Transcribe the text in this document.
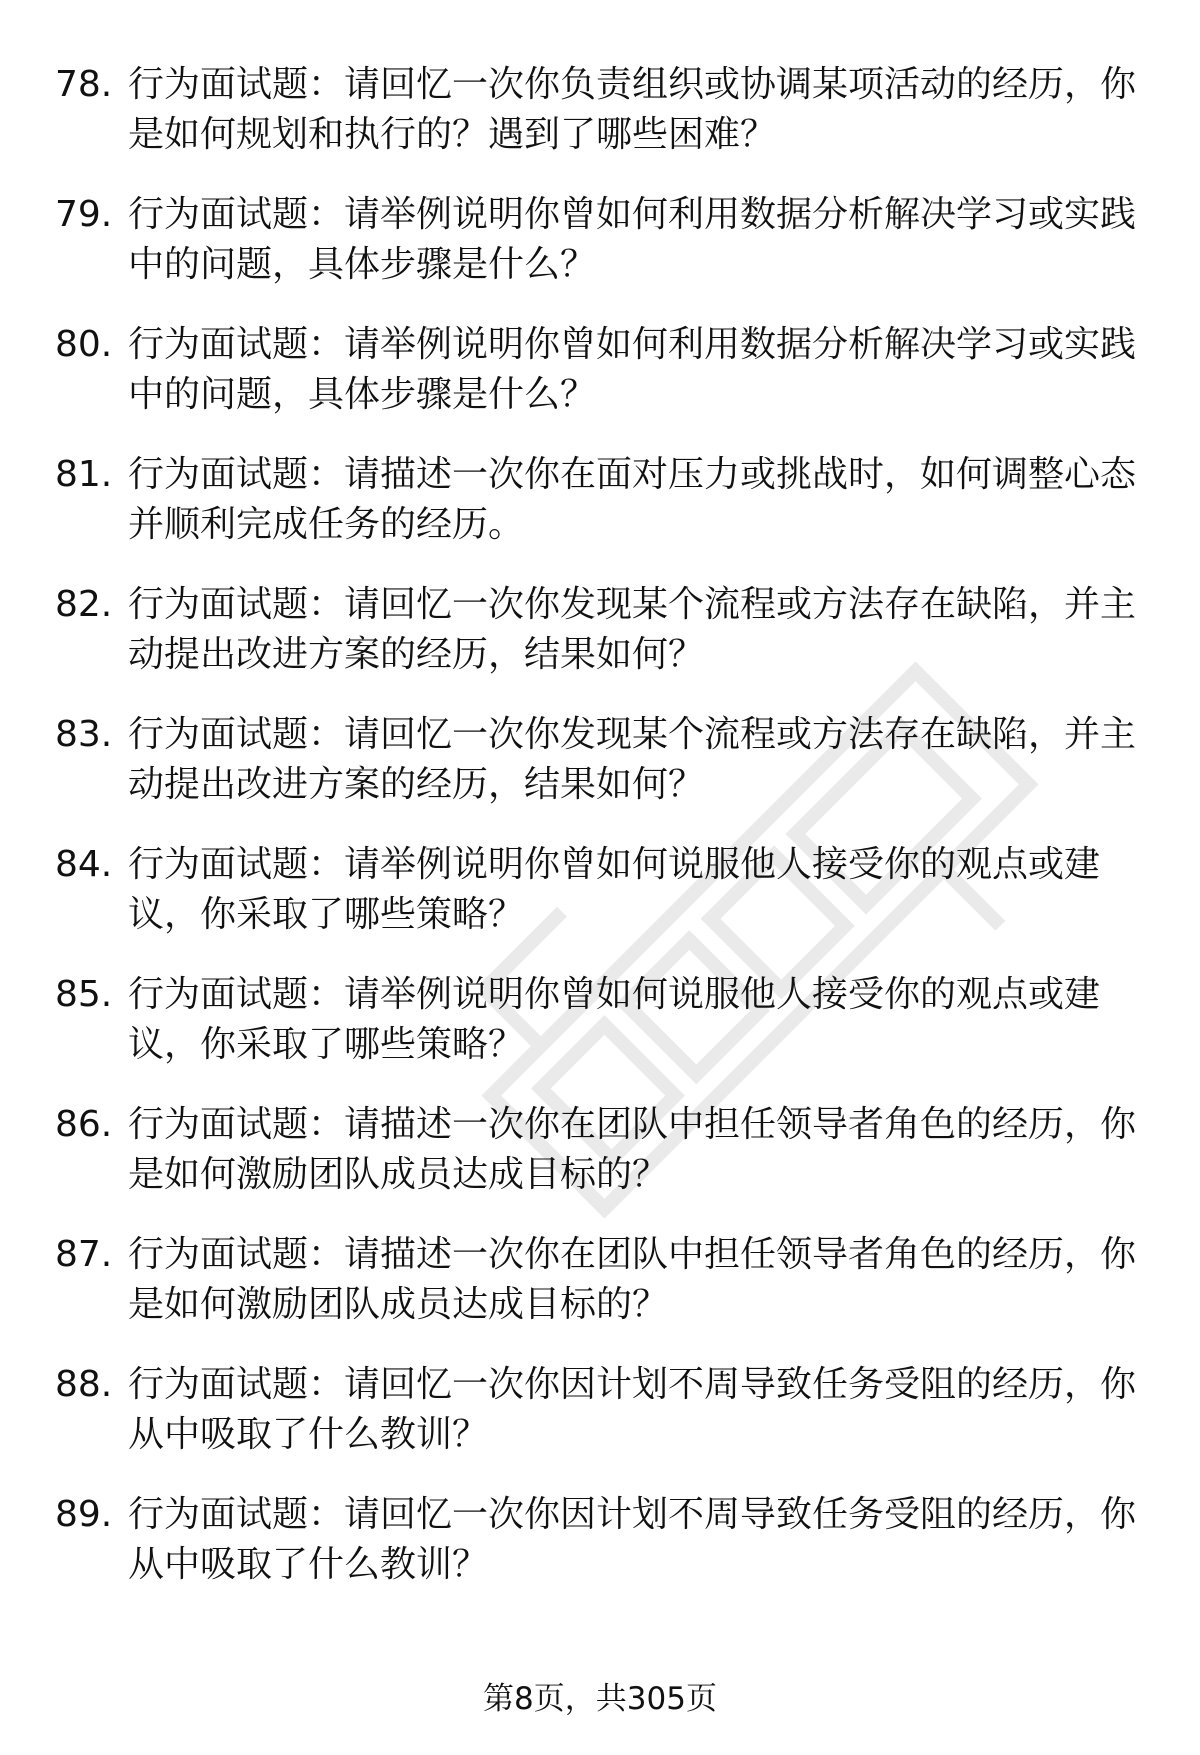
78. 行为面试题：请回忆一次你负责组织或协调某项活动的经历，你是如何规划和执行的？遇到了哪些困难？
79. 行为面试题：请举例说明你曾如何利用数据分析解决学习或实践中的问题，具体步骤是什么？
80. 行为面试题：请举例说明你曾如何利用数据分析解决学习或实践中的问题，具体步骤是什么？
81. 行为面试题：请描述一次你在面对压力或挑战时，如何调整心态并顺利完成任务的经历。
82. 行为面试题：请回忆一次你发现某个流程或方法存在缺陷，并主动提出改进方案的经历，结果如何？
83. 行为面试题：请回忆一次你发现某个流程或方法存在缺陷，并主动提出改进方案的经历，结果如何？
84. 行为面试题：请举例说明你曾如何说服他人接受你的观点或建议，你采取了哪些策略？
85. 行为面试题：请举例说明你曾如何说服他人接受你的观点或建议，你采取了哪些策略？
86. 行为面试题：请描述一次你在团队中担任领导者角色的经历，你是如何激励团队成员达成目标的？
87. 行为面试题：请描述一次你在团队中担任领导者角色的经历，你是如何激励团队成员达成目标的？
88. 行为面试题：请回忆一次你因计划不周导致任务受阻的经历，你从中吸取了什么教训？
89. 行为面试题：请回忆一次你因计划不周导致任务受阻的经历，你从中吸取了什么教训？
第8页，共305页
